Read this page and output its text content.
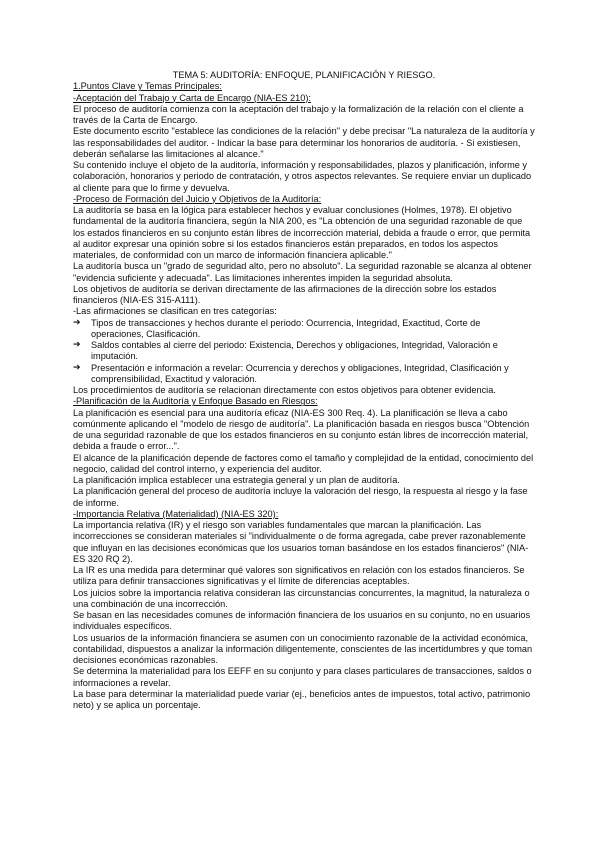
TEMA 5: AUDITORÍA: ENFOQUE, PLANIFICACIÓN Y RIESGO.

1.Puntos Clave y Temas Principales:

-Aceptación del Trabajo y Carta de Encargo (NIA-ES 210):

El proceso de auditoría comienza con la aceptación del trabajo y la formalización de la relación con el cliente a través de la Carta de Encargo.

Este documento escrito "establece las condiciones de la relación" y debe precisar "La naturaleza de la auditoría y las responsabilidades del auditor. - Indicar la base para determinar los honorarios de auditoría. - Si existiesen, deberán señalarse las limitaciones al alcance."

Su contenido incluye el objeto de la auditoría, información y responsabilidades, plazos y planificación, informe y colaboración, honorarios y periodo de contratación, y otros aspectos relevantes. Se requiere enviar un duplicado al cliente para que lo firme y devuelva.

-Proceso de Formación del Juicio y Objetivos de la Auditoría:

La auditoría se basa en la lógica para establecer hechos y evaluar conclusiones (Holmes, 1978). El objetivo fundamental de la auditoría financiera, según la NIA 200, es "La obtención de una seguridad razonable de que los estados financieros en su conjunto están libres de incorrección material, debida a fraude o error, que permita al auditor expresar una opinión sobre si los estados financieros están preparados, en todos los aspectos materiales, de conformidad con un marco de información financiera aplicable."

La auditoría busca un "grado de seguridad alto, pero no absoluto". La seguridad razonable se alcanza al obtener "evidencia suficiente y adecuada". Las limitaciones inherentes impiden la seguridad absoluta.

Los objetivos de auditoría se derivan directamente de las afirmaciones de la dirección sobre los estados financieros (NIA-ES 315-A111).

-Las afirmaciones se clasifican en tres categorías:

➔ Tipos de transacciones y hechos durante el periodo: Ocurrencia, Integridad, Exactitud, Corte de operaciones, Clasificación.
➔ Saldos contables al cierre del periodo: Existencia, Derechos y obligaciones, Integridad, Valoración e imputación.
➔ Presentación e información a revelar: Ocurrencia y derechos y obligaciones, Integridad, Clasificación y comprensibilidad, Exactitud y valoración.

Los procedimientos de auditoría se relacionan directamente con estos objetivos para obtener evidencia.

-Planificación de la Auditoría y Enfoque Basado en Riesgos:

La planificación es esencial para una auditoría eficaz (NIA-ES 300 Req. 4). La planificación se lleva a cabo comúnmente aplicando el "modelo de riesgo de auditoría". La planificación basada en riesgos busca "Obtención de una seguridad razonable de que los estados financieros en su conjunto están libres de incorrección material, debida a fraude o error...".

El alcance de la planificación depende de factores como el tamaño y complejidad de la entidad, conocimiento del negocio, calidad del control interno, y experiencia del auditor.

La planificación implica establecer una estrategia general y un plan de auditoría.

La planificación general del proceso de auditoría incluye la valoración del riesgo, la respuesta al riesgo y la fase de informe.

-Importancia Relativa (Materialidad) (NIA-ES 320):

La importancia relativa (IR) y el riesgo son variables fundamentales que marcan la planificación. Las incorrecciones se consideran materiales si "individualmente o de forma agregada, cabe prever razonablemente que influyan en las decisiones económicas que los usuarios toman basándose en los estados financieros" (NIA-ES 320 RQ 2).

La IR es una medida para determinar qué valores son significativos en relación con los estados financieros. Se utiliza para definir transacciones significativas y el límite de diferencias aceptables.

Los juicios sobre la importancia relativa consideran las circunstancias concurrentes, la magnitud, la naturaleza o una combinación de una incorrección.

Se basan en las necesidades comunes de información financiera de los usuarios en su conjunto, no en usuarios individuales específicos.

Los usuarios de la información financiera se asumen con un conocimiento razonable de la actividad económica, contabilidad, dispuestos a analizar la información diligentemente, conscientes de las incertidumbres y que toman decisiones económicas razonables.

Se determina la materialidad para los EEFF en su conjunto y para clases particulares de transacciones, saldos o informaciones a revelar.

La base para determinar la materialidad puede variar (ej., beneficios antes de impuestos, total activo, patrimonio neto) y se aplica un porcentaje.
